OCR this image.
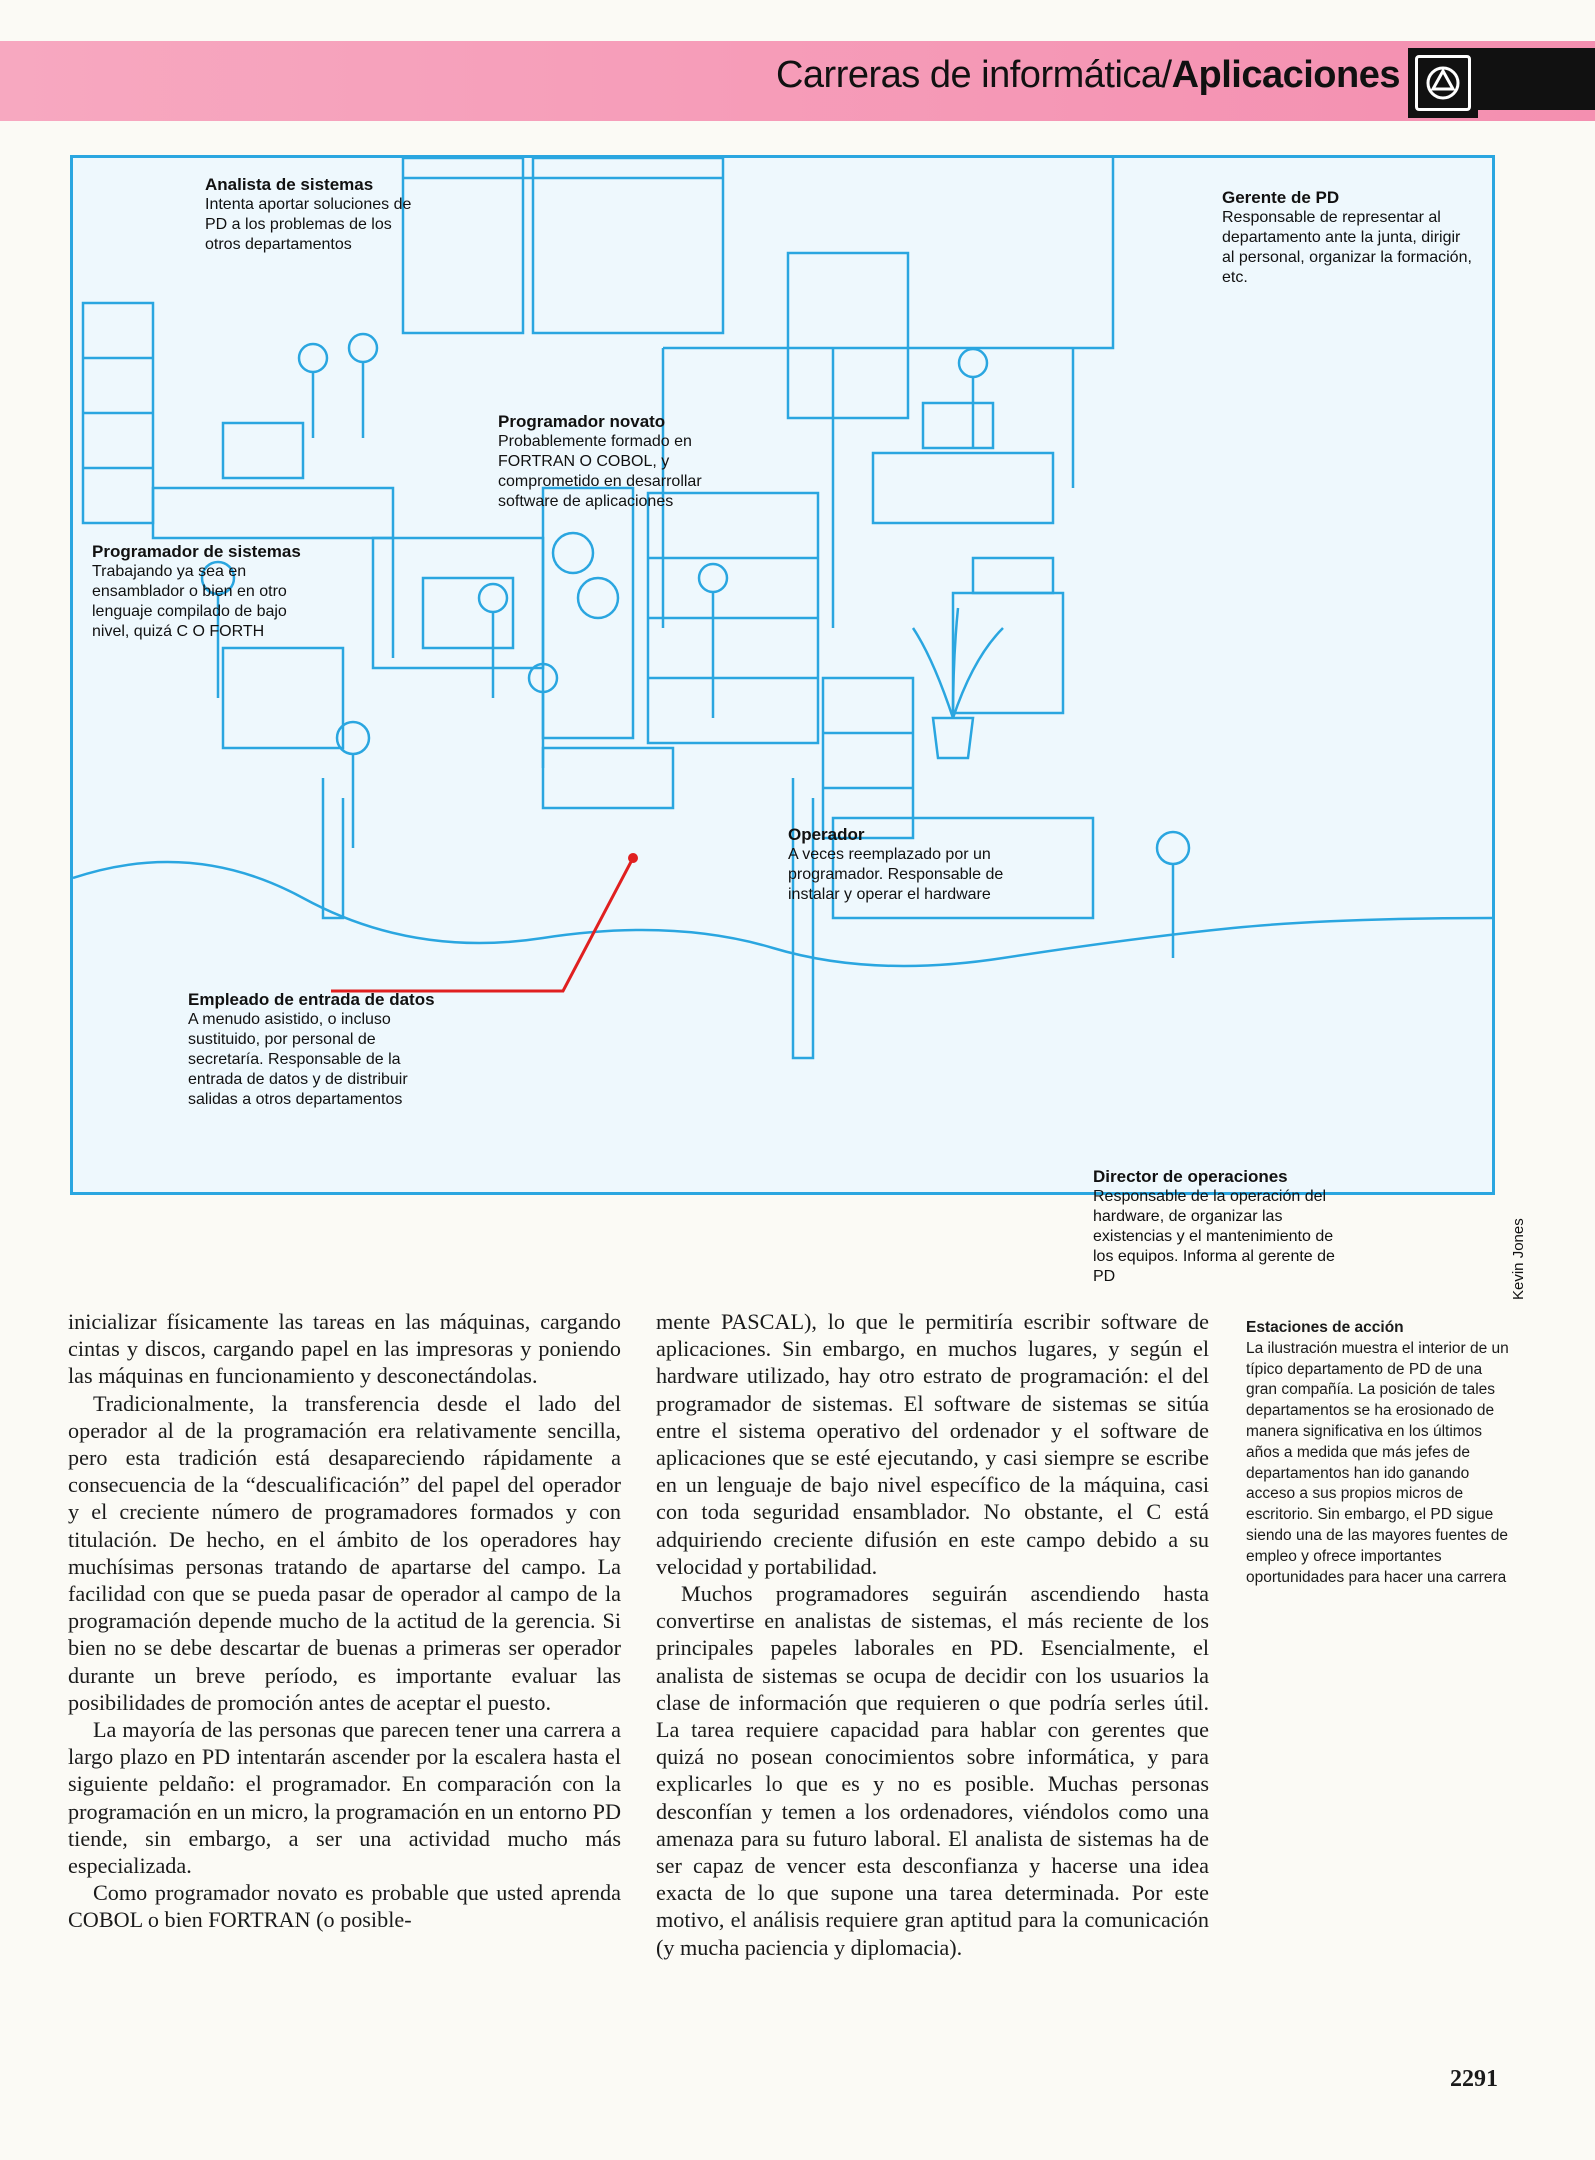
Carreras de informática/Aplicaciones
Analista de sistemas
Intenta aportar soluciones de PD a los problemas de los otros departamentos
Gerente de PD
Responsable de representar al departamento ante la junta, dirigir al personal, organizar la formación, etc.
Programador novato
Probablemente formado en FORTRAN O COBOL, y comprometido en desarrollar software de aplicaciones
Programador de sistemas
Trabajando ya sea en ensamblador o bien en otro lenguaje compilado de bajo nivel, quizá C O FORTH
Operador
A veces reemplazado por un programador. Responsable de instalar y operar el hardware
Empleado de entrada de datos
A menudo asistido, o incluso sustituido, por personal de secretaría. Responsable de la entrada de datos y de distribuir salidas a otros departamentos
Director de operaciones
Responsable de la operación del hardware, de organizar las existencias y el mantenimiento de los equipos. Informa al gerente de PD	Kevin Jones

inicializar físicamente las tareas en las máquinas, cargando cintas y discos, cargando papel en las impresoras y poniendo las máquinas en funcionamiento y desconectándolas.

Tradicionalmente, la transferencia desde el lado del operador al de la programación era relativamente sencilla, pero esta tradición está desapareciendo rápidamente a consecuencia de la “descualificación” del papel del operador y el creciente número de programadores formados y con titulación. De hecho, en el ámbito de los operadores hay muchísimas personas tratando de apartarse del campo. La facilidad con que se pueda pasar de operador al campo de la programación depende mucho de la actitud de la gerencia. Si bien no se debe descartar de buenas a primeras ser operador durante un breve período, es importante evaluar las posibilidades de promoción antes de aceptar el puesto.

La mayoría de las personas que parecen tener una carrera a largo plazo en PD intentarán ascender por la escalera hasta el siguiente peldaño: el programador. En comparación con la programación en un micro, la programación en un entorno PD tiende, sin embargo, a ser una actividad mucho más especializada.

Como programador novato es probable que usted aprenda COBOL o bien FORTRAN (o posible-

mente PASCAL), lo que le permitiría escribir software de aplicaciones. Sin embargo, en muchos lugares, y según el hardware utilizado, hay otro estrato de programación: el del programador de sistemas. El software de sistemas se sitúa entre el sistema operativo del ordenador y el software de aplicaciones que se esté ejecutando, y casi siempre se escribe en un lenguaje de bajo nivel específico de la máquina, casi con toda seguridad ensamblador. No obstante, el C está adquiriendo creciente difusión en este campo debido a su velocidad y portabilidad.

Muchos programadores seguirán ascendiendo hasta convertirse en analistas de sistemas, el más reciente de los principales papeles laborales en PD. Esencialmente, el analista de sistemas se ocupa de decidir con los usuarios la clase de información que requieren o que podría serles útil. La tarea requiere capacidad para hablar con gerentes que quizá no posean conocimientos sobre informática, y para explicarles lo que es y no es posible. Muchas personas desconfían y temen a los ordenadores, viéndolos como una amenaza para su futuro laboral. El analista de sistemas ha de ser capaz de vencer esta desconfianza y hacerse una idea exacta de lo que supone una tarea determinada. Por este motivo, el análisis requiere gran aptitud para la comunicación (y mucha paciencia y diplomacia).

Estaciones de acción
La ilustración muestra el interior de un típico departamento de PD de una gran compañía. La posición de tales departamentos se ha erosionado de manera significativa en los últimos años a medida que más jefes de departamentos han ido ganando acceso a sus propios micros de escritorio. Sin embargo, el PD sigue siendo una de las mayores fuentes de empleo y ofrece importantes oportunidades para hacer una carrera
2291
